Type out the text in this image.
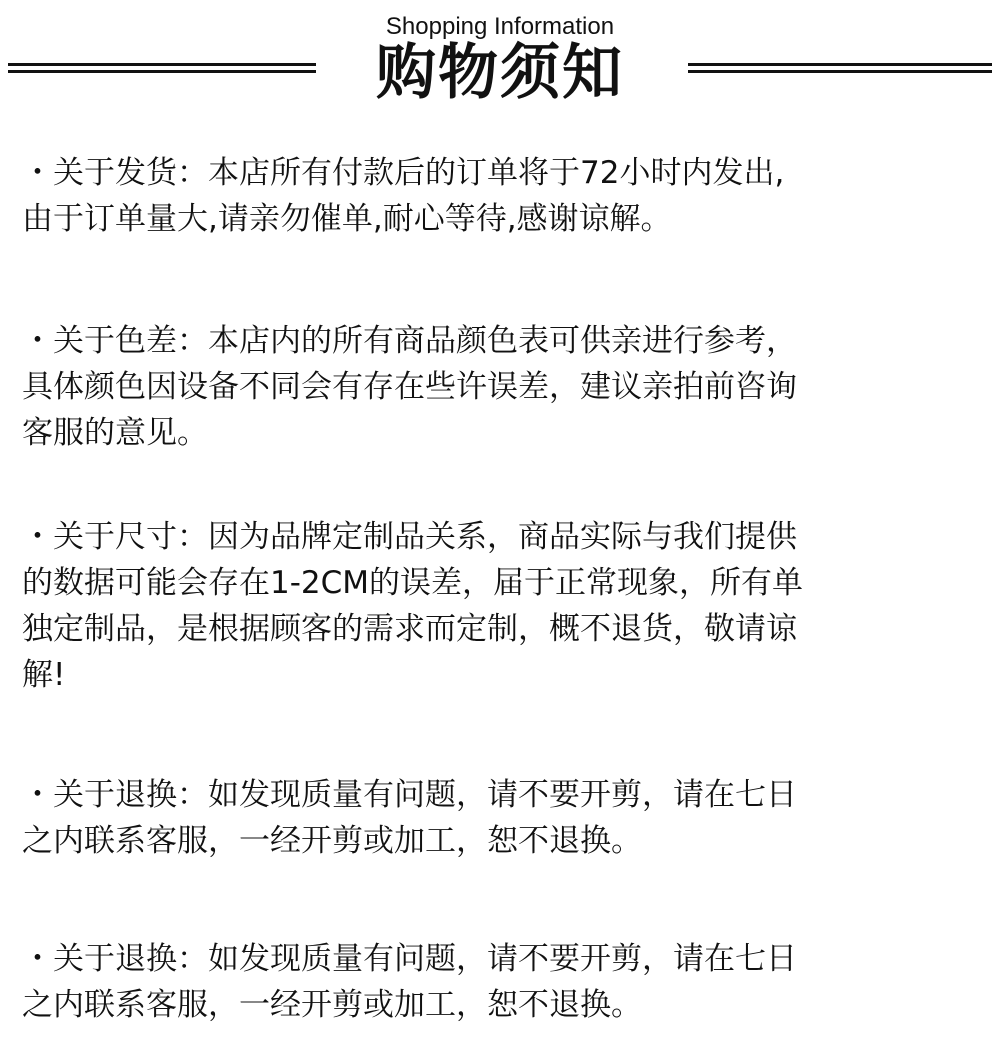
Shopping Information
购物须知
・关于发货：本店所有付款后的订单将于72小时内发出,
由于订单量大,请亲勿催单,耐心等待,感谢谅解。
・关于色差：本店内的所有商品颜色表可供亲进行参考，
具体颜色因设备不同会有存在些许误差，建议亲拍前咨询
客服的意见。
・关于尺寸：因为品牌定制品关系，商品实际与我们提供
的数据可能会存在1-2CM的误差，届于正常现象，所有单
独定制品，是根据顾客的需求而定制，概不退货，敬请谅
解!
・关于退换：如发现质量有问题，请不要开剪，请在七日
之内联系客服，一经开剪或加工，恕不退换。
・关于退换：如发现质量有问题，请不要开剪，请在七日
之内联系客服，一经开剪或加工，恕不退换。
